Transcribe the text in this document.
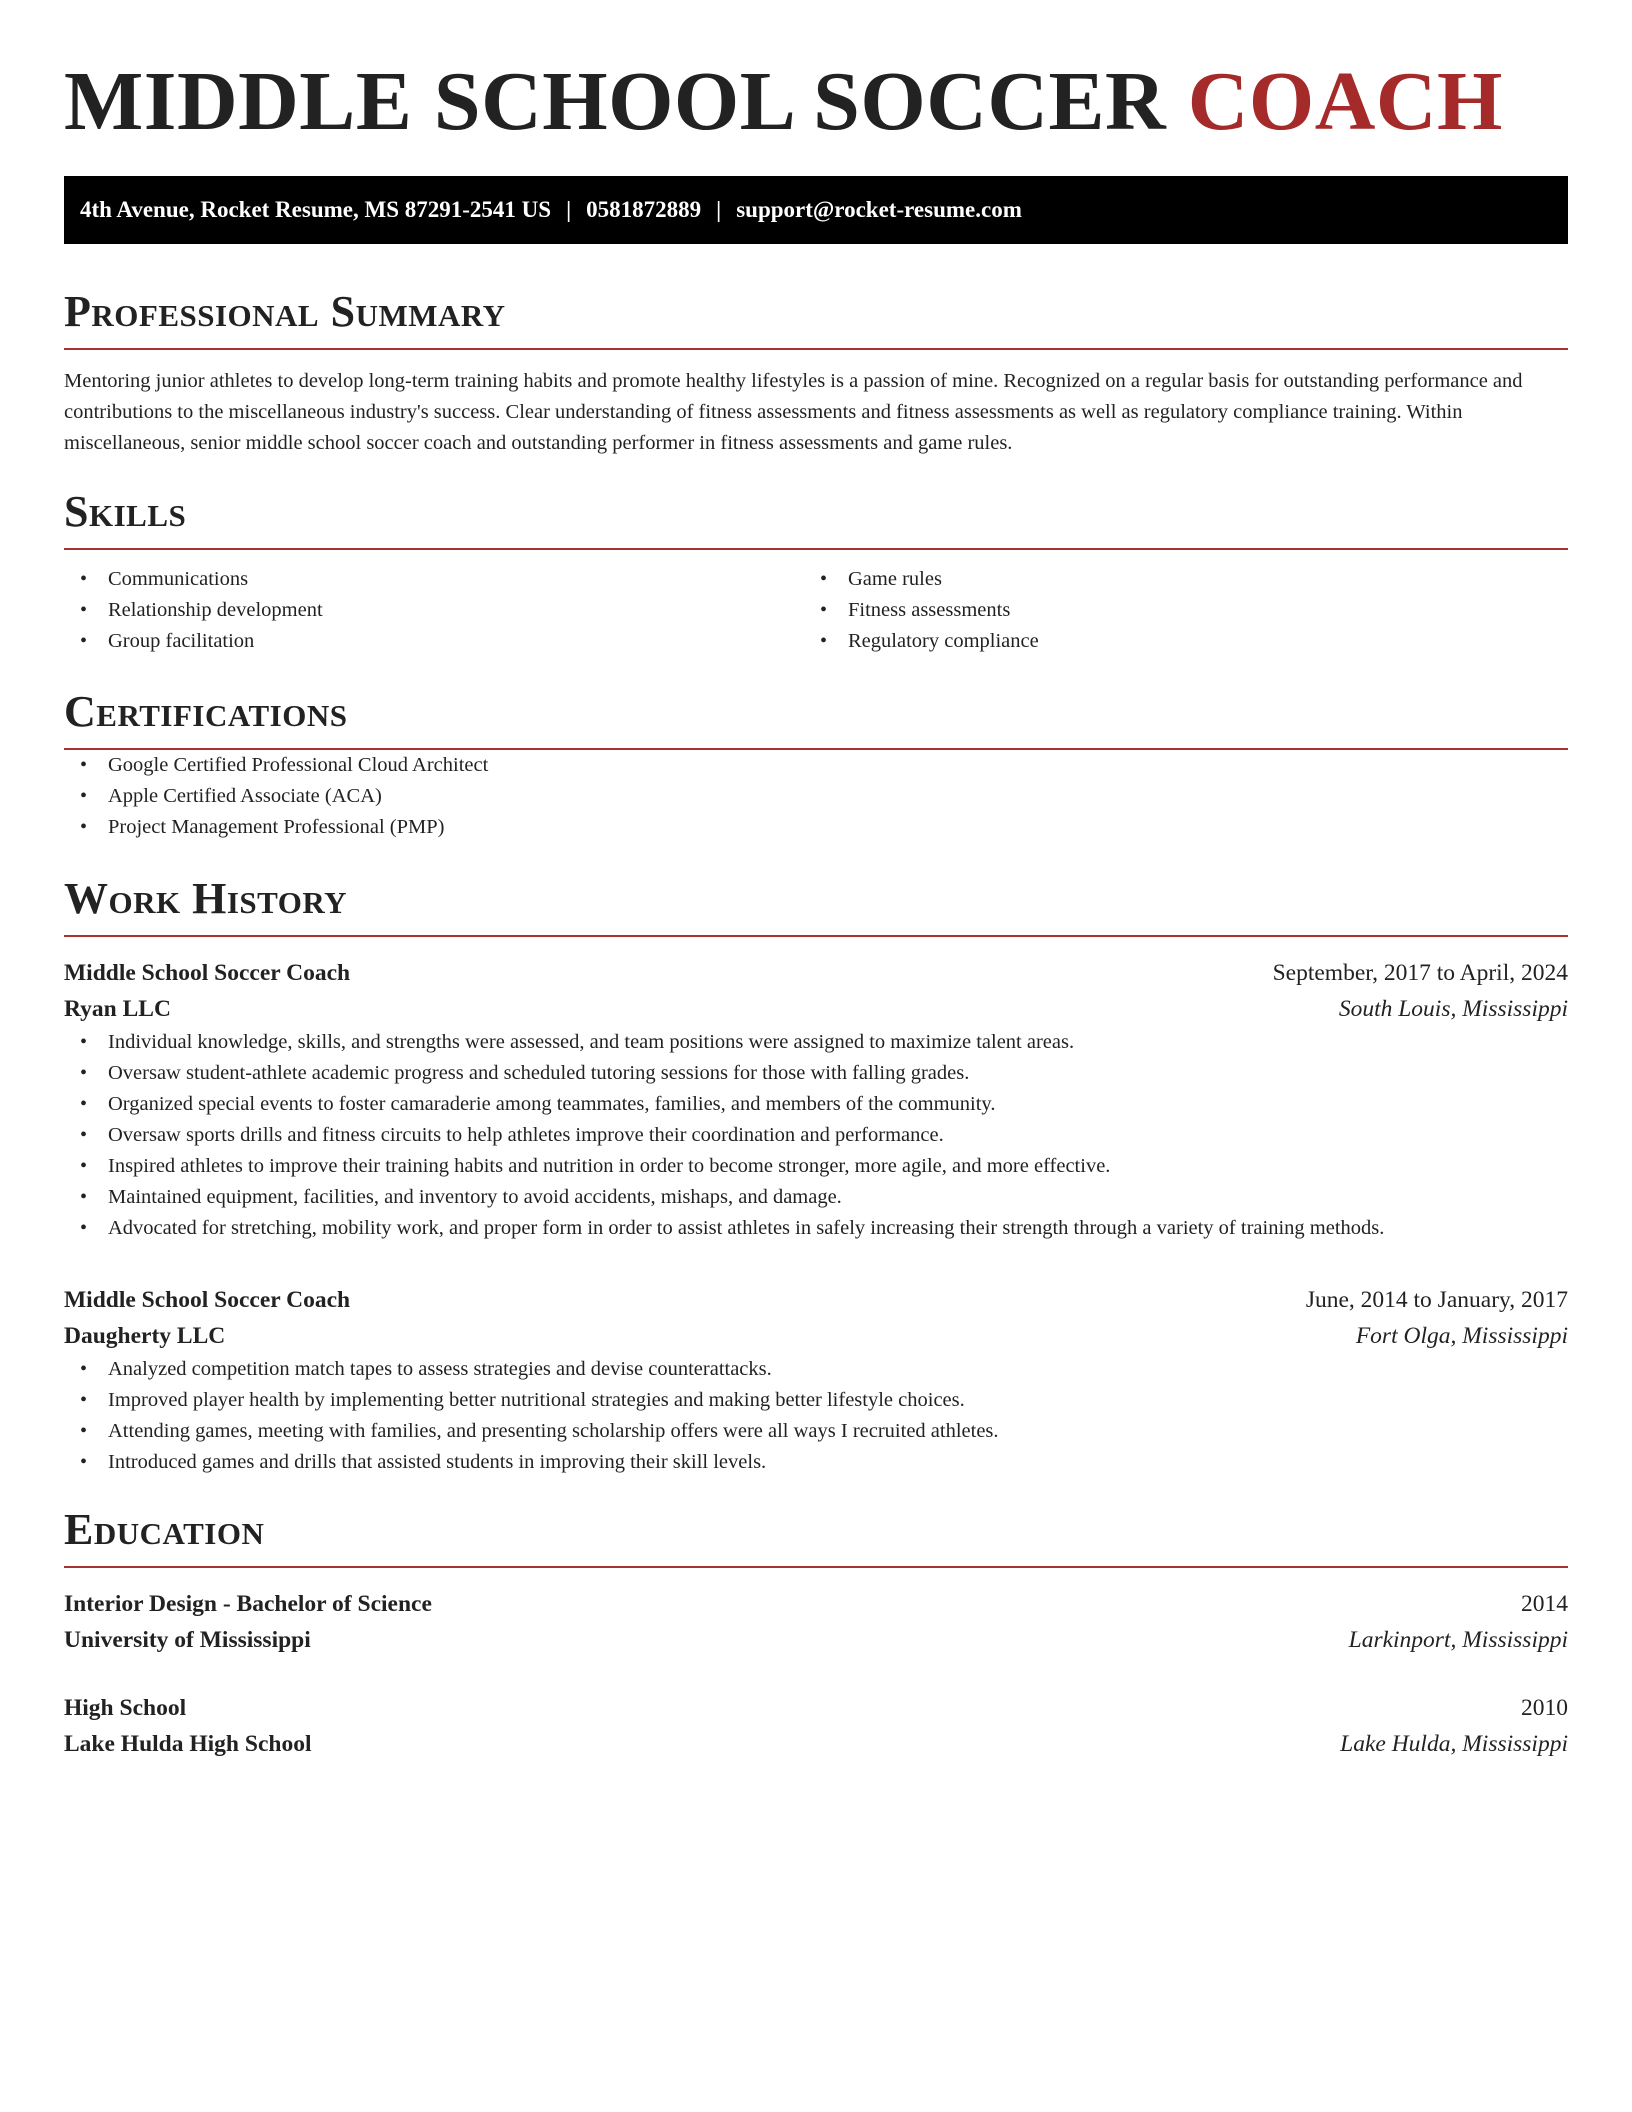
MIDDLE SCHOOL SOCCER COACH
4th Avenue, Rocket Resume, MS 87291-2541 US | 0581872889 | support@rocket-resume.com
Professional Summary

Mentoring junior athletes to develop long-term training habits and promote healthy lifestyles is a passion of mine. Recognized on a regular basis for outstanding performance and contributions to the miscellaneous industry's success. Clear understanding of fitness assessments and fitness assessments as well as regulatory compliance training. Within miscellaneous, senior middle school soccer coach and outstanding performer in fitness assessments and game rules.

Skills
• Communications
• Relationship development
• Group facilitation
• Game rules
• Fitness assessments
• Regulatory compliance
Certifications
• Google Certified Professional Cloud Architect
• Apple Certified Associate (ACA)
• Project Management Professional (PMP)
Work History
Middle School Soccer Coach	September, 2017 to April, 2024
Ryan LLC	South Louis, Mississippi
• Individual knowledge, skills, and strengths were assessed, and team positions were assigned to maximize talent areas.
• Oversaw student-athlete academic progress and scheduled tutoring sessions for those with falling grades.
• Organized special events to foster camaraderie among teammates, families, and members of the community.
• Oversaw sports drills and fitness circuits to help athletes improve their coordination and performance.
• Inspired athletes to improve their training habits and nutrition in order to become stronger, more agile, and more effective.
• Maintained equipment, facilities, and inventory to avoid accidents, mishaps, and damage.
• Advocated for stretching, mobility work, and proper form in order to assist athletes in safely increasing their strength through a variety of training methods.
Middle School Soccer Coach	June, 2014 to January, 2017
Daugherty LLC	Fort Olga, Mississippi
• Analyzed competition match tapes to assess strategies and devise counterattacks.
• Improved player health by implementing better nutritional strategies and making better lifestyle choices.
• Attending games, meeting with families, and presenting scholarship offers were all ways I recruited athletes.
• Introduced games and drills that assisted students in improving their skill levels.
Education
Interior Design - Bachelor of Science	2014
University of Mississippi	Larkinport, Mississippi
High School	2010
Lake Hulda High School	Lake Hulda, Mississippi
